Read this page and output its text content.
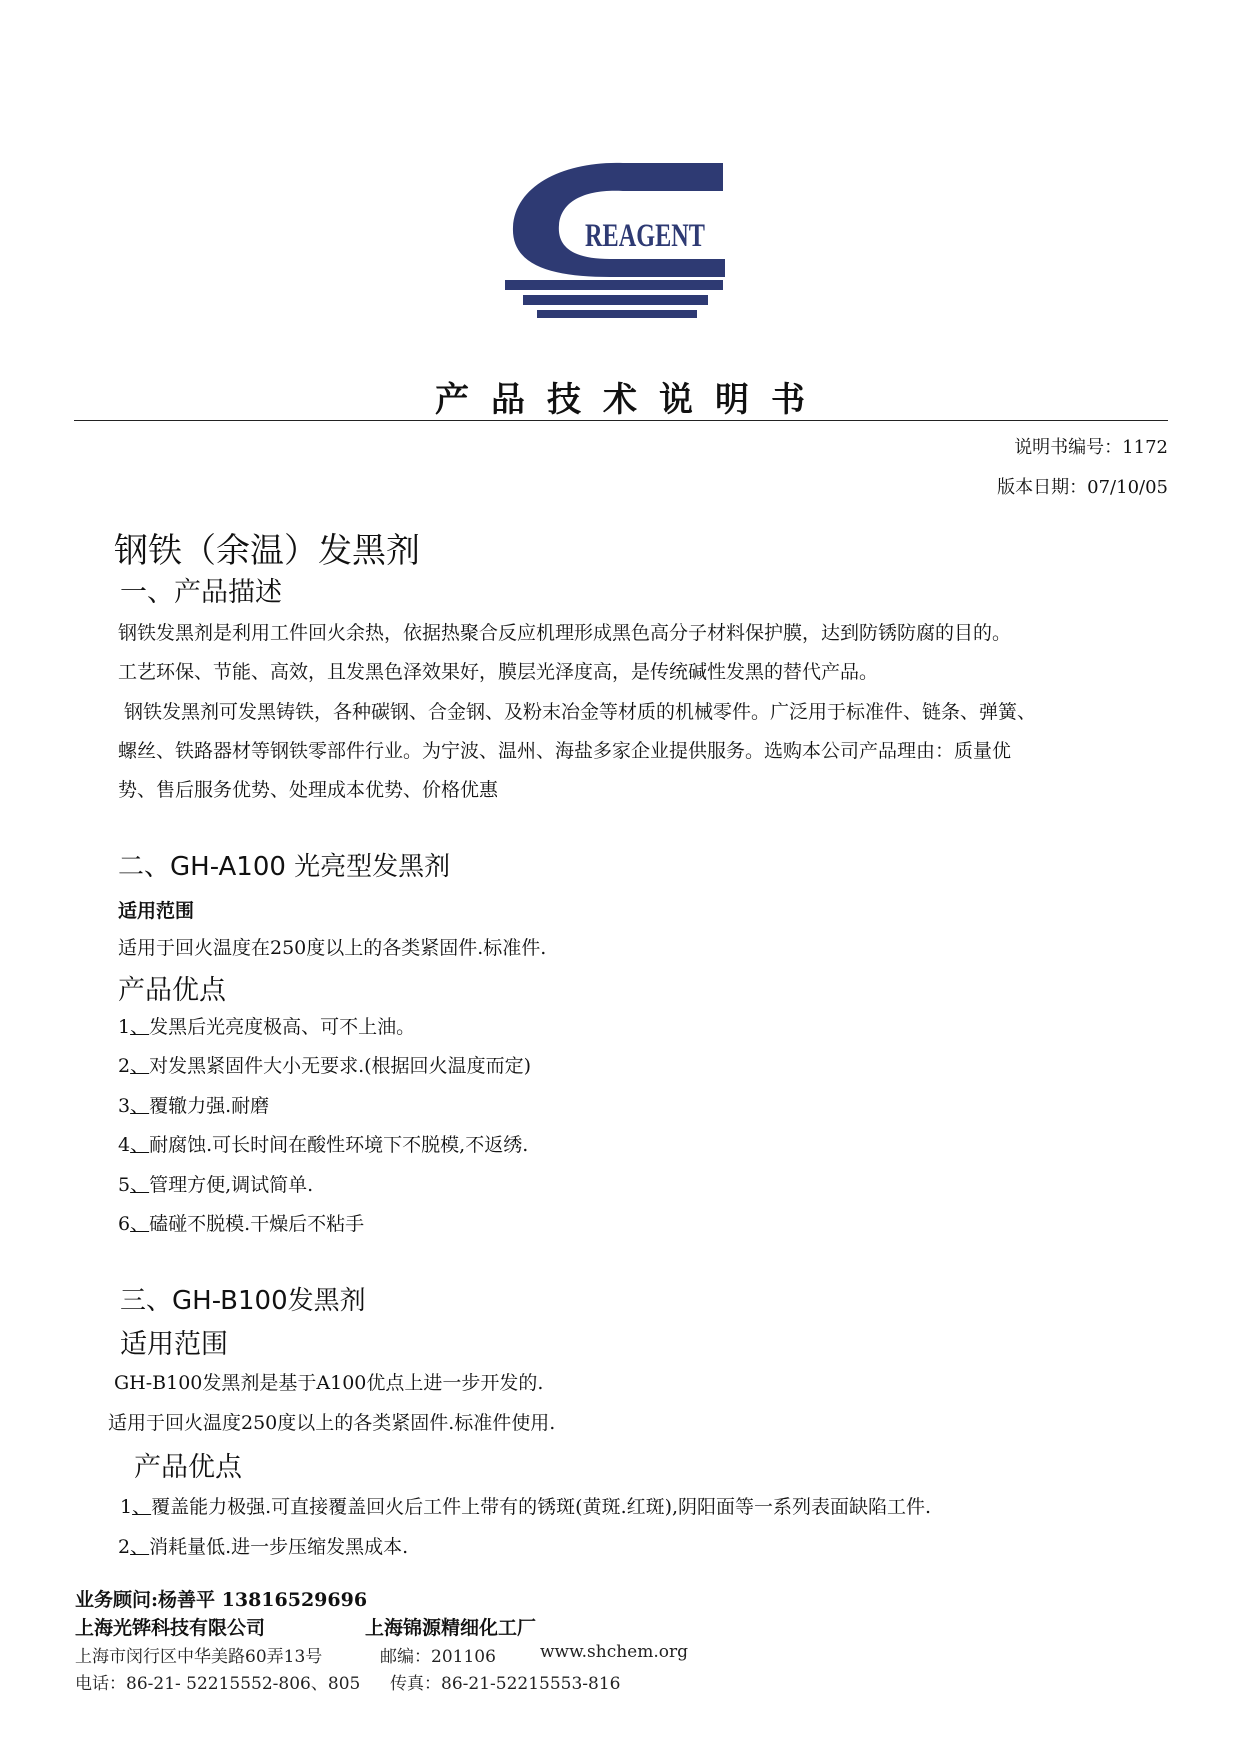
REAGENT
产品技术说明书
说明书编号：1172
版本日期：07/10/05
钢铁（余温）发黑剂
一、产品描述
钢铁发黑剂是利用工件回火余热，依据热聚合反应机理形成黑色高分子材料保护膜，达到防锈防腐的目的。
工艺环保、节能、高效，且发黑色泽效果好，膜层光泽度高，是传统碱性发黑的替代产品。
钢铁发黑剂可发黑铸铁，各种碳钢、合金钢、及粉末冶金等材质的机械零件。广泛用于标准件、链条、弹簧、
螺丝、铁路器材等钢铁零部件行业。为宁波、温州、海盐多家企业提供服务。选购本公司产品理由：质量优
势、售后服务优势、处理成本优势、价格优惠
二、GH-A100 光亮型发黑剂
适用范围
适用于回火温度在250度以上的各类紧固件.标准件.
产品优点
1、发黑后光亮度极高、可不上油。
2、对发黑紧固件大小无要求.(根据回火温度而定)
3、覆辙力强.耐磨
4、耐腐蚀.可长时间在酸性环境下不脱模,不返绣.
5、管理方便,调试简单.
6、磕碰不脱模.干燥后不粘手
三、GH-B100发黑剂
适用范围
GH-B100发黑剂是基于A100优点上进一步开发的.
适用于回火温度250度以上的各类紧固件.标准件使用.
产品优点
1、覆盖能力极强.可直接覆盖回火后工件上带有的锈斑(黄斑.红斑),阴阳面等一系列表面缺陷工件.
2、消耗量低.进一步压缩发黑成本.
业务顾问:杨善平 13816529696
上海光铧科技有限公司	上海锦源精细化工厂
上海市闵行区中华美路60弄13号	邮编：201106	www.shchem.org
电话：86-21- 52215552-806、805 传真：86-21-52215553-816
